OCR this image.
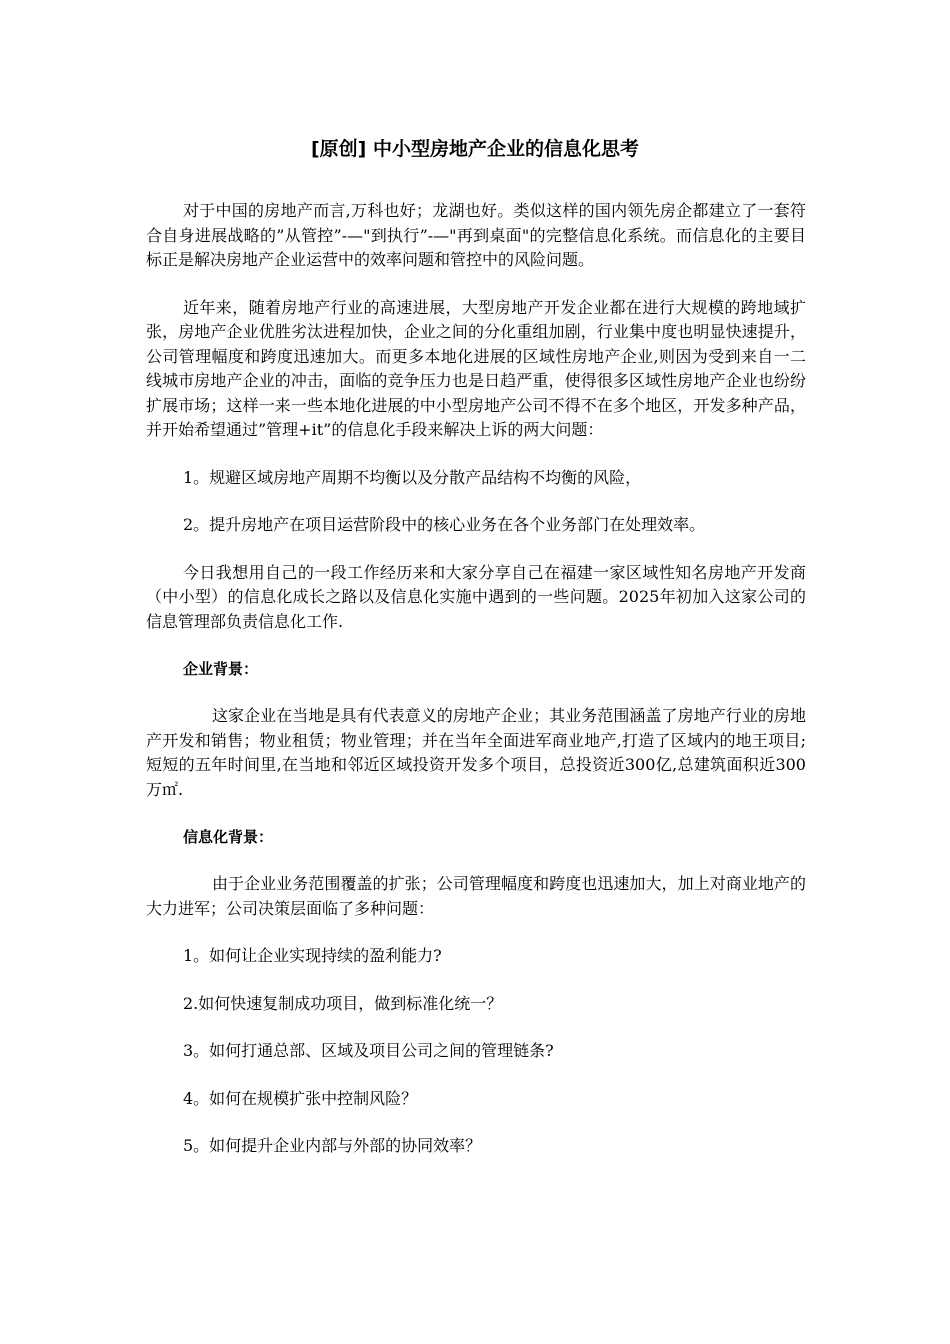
[原创] 中小型房地产企业的信息化思考

对于中国的房地产而言,万科也好；龙湖也好。类似这样的国内领先房企都建立了一套符合自身进展战略的”从管控”-—"到执行”-—"再到桌面"的完整信息化系统。而信息化的主要目标正是解决房地产企业运营中的效率问题和管控中的风险问题。

近年来，随着房地产行业的高速进展，大型房地产开发企业都在进行大规模的跨地域扩张，房地产企业优胜劣汰进程加快，企业之间的分化重组加剧，行业集中度也明显快速提升，公司管理幅度和跨度迅速加大。而更多本地化进展的区域性房地产企业,则因为受到来自一二线城市房地产企业的冲击，面临的竞争压力也是日趋严重，使得很多区域性房地产企业也纷纷扩展市场；这样一来一些本地化进展的中小型房地产公司不得不在多个地区，开发多种产品，并开始希望通过”管理+it”的信息化手段来解决上诉的两大问题：

1。规避区域房地产周期不均衡以及分散产品结构不均衡的风险，

2。提升房地产在项目运营阶段中的核心业务在各个业务部门在处理效率。

今日我想用自己的一段工作经历来和大家分享自己在福建一家区域性知名房地产开发商（中小型）的信息化成长之路以及信息化实施中遇到的一些问题。2025年初加入这家公司的信息管理部负责信息化工作.

企业背景：

这家企业在当地是具有代表意义的房地产企业；其业务范围涵盖了房地产行业的房地产开发和销售；物业租赁；物业管理；并在当年全面进军商业地产,打造了区域内的地王项目;短短的五年时间里,在当地和邻近区域投资开发多个项目，总投资近300亿,总建筑面积近300万㎡.

信息化背景：

由于企业业务范围覆盖的扩张；公司管理幅度和跨度也迅速加大，加上对商业地产的大力进军；公司决策层面临了多种问题：

1。如何让企业实现持续的盈利能力?

2.如何快速复制成功项目，做到标准化统一？

3。如何打通总部、区域及项目公司之间的管理链条?

4。如何在规模扩张中控制风险？

5。如何提升企业内部与外部的协同效率？
